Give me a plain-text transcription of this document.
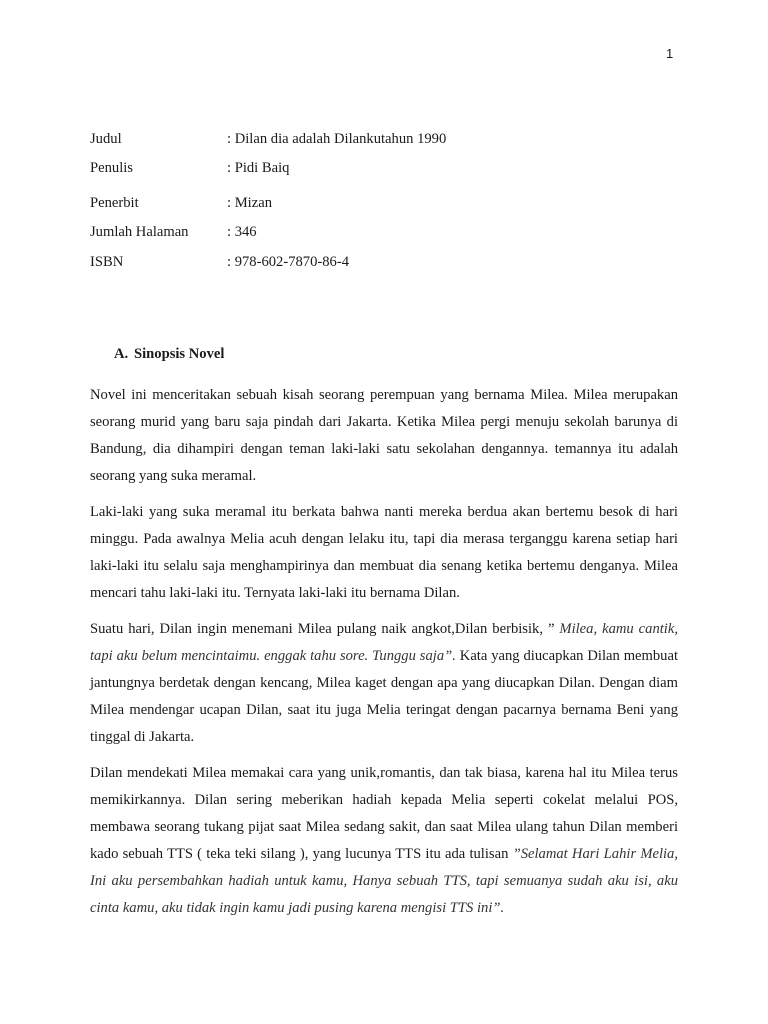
1
Judul	: Dilan dia adalah Dilankutahun 1990
Penulis	: Pidi Baiq
Penerbit	: Mizan
Jumlah Halaman	: 346
ISBN	: 978-602-7870-86-4
A. Sinopsis Novel

Novel ini menceritakan sebuah kisah seorang perempuan yang bernama Milea. Milea merupakan seorang murid yang baru saja pindah dari Jakarta. Ketika Milea pergi menuju sekolah barunya di Bandung, dia dihampiri dengan teman laki-laki satu sekolahan dengannya. temannya itu adalah seorang yang suka meramal.

Laki-laki yang suka meramal itu berkata bahwa nanti mereka berdua akan bertemu besok di hari minggu. Pada awalnya Melia acuh dengan lelaku itu, tapi dia merasa terganggu karena setiap hari laki-laki itu selalu saja menghampirinya dan membuat dia senang ketika bertemu denganya. Milea mencari tahu laki-laki itu. Ternyata laki-laki itu bernama Dilan.

Suatu hari, Dilan ingin menemani Milea pulang naik angkot,Dilan berbisik, ” Milea, kamu cantik, tapi aku belum mencintaimu. enggak tahu sore. Tunggu saja”. Kata yang diucapkan Dilan membuat jantungnya berdetak dengan kencang, Milea kaget dengan apa yang diucapkan Dilan. Dengan diam Milea mendengar ucapan Dilan, saat itu juga Melia teringat dengan pacarnya bernama Beni yang tinggal di Jakarta.

Dilan mendekati Milea memakai cara yang unik,romantis, dan tak biasa, karena hal itu Milea terus memikirkannya. Dilan sering meberikan hadiah kepada Melia seperti cokelat melalui POS, membawa seorang tukang pijat saat Milea sedang sakit, dan saat Milea ulang tahun Dilan memberi kado sebuah TTS ( teka teki silang ), yang lucunya TTS itu ada tulisan ”Selamat Hari Lahir Melia, Ini aku persembahkan hadiah untuk kamu, Hanya sebuah TTS, tapi semuanya sudah aku isi, aku cinta kamu, aku tidak ingin kamu jadi pusing karena mengisi TTS ini”.
